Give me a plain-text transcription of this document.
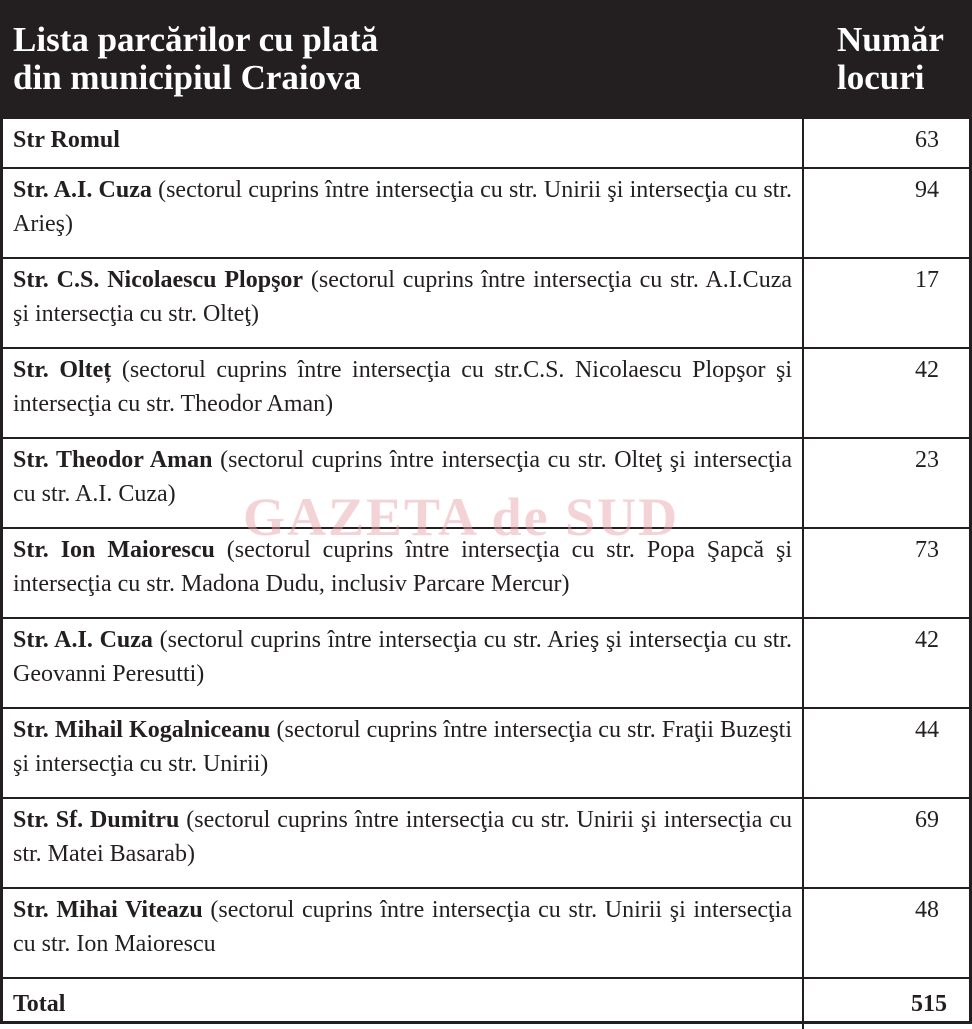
Lista parcărilor cu plată
din municipiul Craiova	Număr
locuri
Str Romul	63
Str. A.I. Cuza (sectorul cuprins între intersecţia cu str. Unirii şi intersecţia cu str. Arieş)	94
Str. C.S. Nicolaescu Plopşor (sectorul cuprins între intersecţia cu str. A.I.Cuza şi intersecţia cu str. Olteţ)	17
Str. Olteț (sectorul cuprins între intersecţia cu str.C.S. Nicolaescu Plopşor şi intersecţia cu str. Theodor Aman)	42
Str. Theodor Aman (sectorul cuprins între intersecţia cu str. Olteţ şi intersecţia cu str. A.I. Cuza)	23
Str. Ion Maiorescu (sectorul cuprins între intersecţia cu str. Popa Şapcă şi intersecţia cu str. Madona Dudu, inclusiv Parcare Mercur)	73
Str. A.I. Cuza (sectorul cuprins între intersecţia cu str. Arieş şi intersecţia cu str. Geovanni Peresutti)	42
Str. Mihail Kogalniceanu (sectorul cuprins între intersecţia cu str. Fraţii Buzeşti şi intersecţia cu str. Unirii)	44
Str. Sf. Dumitru (sectorul cuprins între intersecţia cu str. Unirii şi intersecţia cu str. Matei Basarab)	69
Str. Mihai Viteazu (sectorul cuprins între intersecţia cu str. Unirii şi intersecţia cu str. Ion Maiorescu	48
Total	515
GAZETA de SUD
